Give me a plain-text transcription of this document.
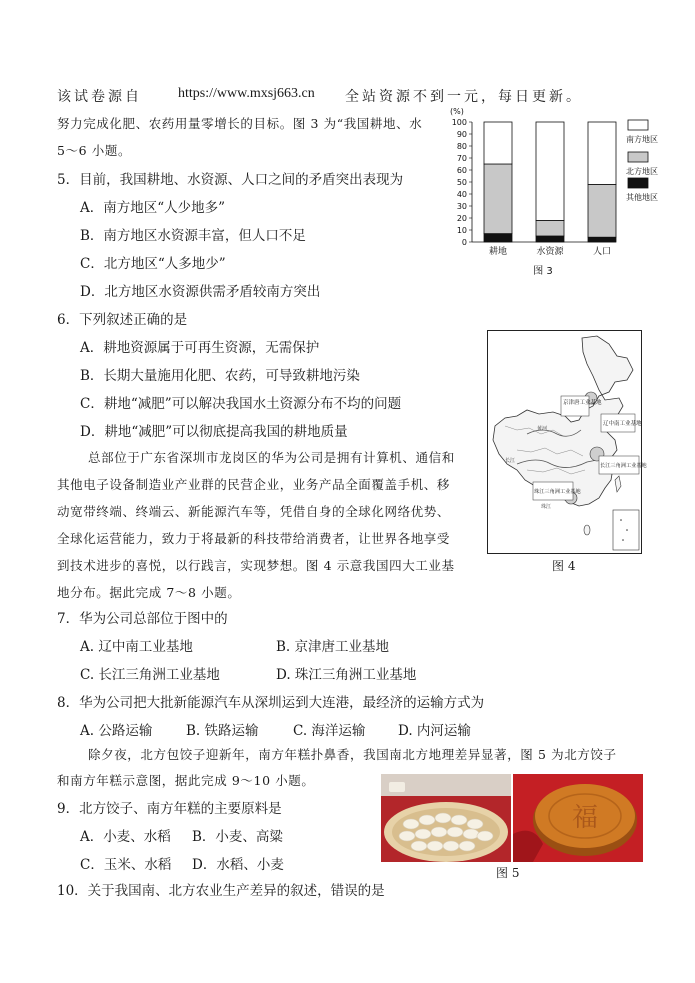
该试卷源自	https://www.mxsj663.cn 全站资源不到一元，每日更新。
努力完成化肥、农药用量零增长的目标。图 3 为“我国耕地、水
5～6 小题。
5．目前，我国耕地、水资源、人口之间的矛盾突出表现为
A．南方地区“人少地多”
B．南方地区水资源丰富，但人口不足
C．北方地区“人多地少”
D．北方地区水资源供需矛盾较南方突出
6．下列叙述正确的是
A．耕地资源属于可再生资源，无需保护
B．长期大量施用化肥、农药，可导致耕地污染
C．耕地“减肥”可以解决我国水土资源分布不均的问题
D．耕地“减肥”可以彻底提高我国的耕地质量
总部位于广东省深圳市龙岗区的华为公司是拥有计算机、通信和
其他电子设备制造业产业群的民营企业，业务产品全面覆盖手机、移
动宽带终端、终端云、新能源汽车等，凭借自身的全球化网络优势、
全球化运营能力，致力于将最新的科技带给消费者，让世界各地享受
到技术进步的喜悦，以行践言，实现梦想。图 4 示意我国四大工业基
地分布。据此完成 7～8 小题。
7．华为公司总部位于图中的
A. 辽中南工业基地	B. 京津唐工业基地
C. 长江三角洲工业基地	D. 珠江三角洲工业基地
8．华为公司把大批新能源汽车从深圳运到大连港，最经济的运输方式为
A. 公路运输 B. 铁路运输	C. 海洋运输 D. 内河运输
除夕夜，北方包饺子迎新年，南方年糕扑鼻香，我国南北方地理差异显著，图 5 为北方饺子
和南方年糕示意图，据此完成 9～10 小题。
9．北方饺子、南方年糕的主要原料是
A．小麦、水稻 B．小麦、高粱
C．玉米、水稻 D．水稻、小麦
10．关于我国南、北方农业生产差异的叙述，错误的是
(%)
0
10
20
30
40
50
60
70
80
90
100
耕地	水资源	人口
南方地区
北方地区
其他地区
图 3
京津唐工业基地
辽中南工业基地
长江三角洲工业基地
珠江三角洲工业基地
黄河
长江
珠江
图 4
福
图 5
